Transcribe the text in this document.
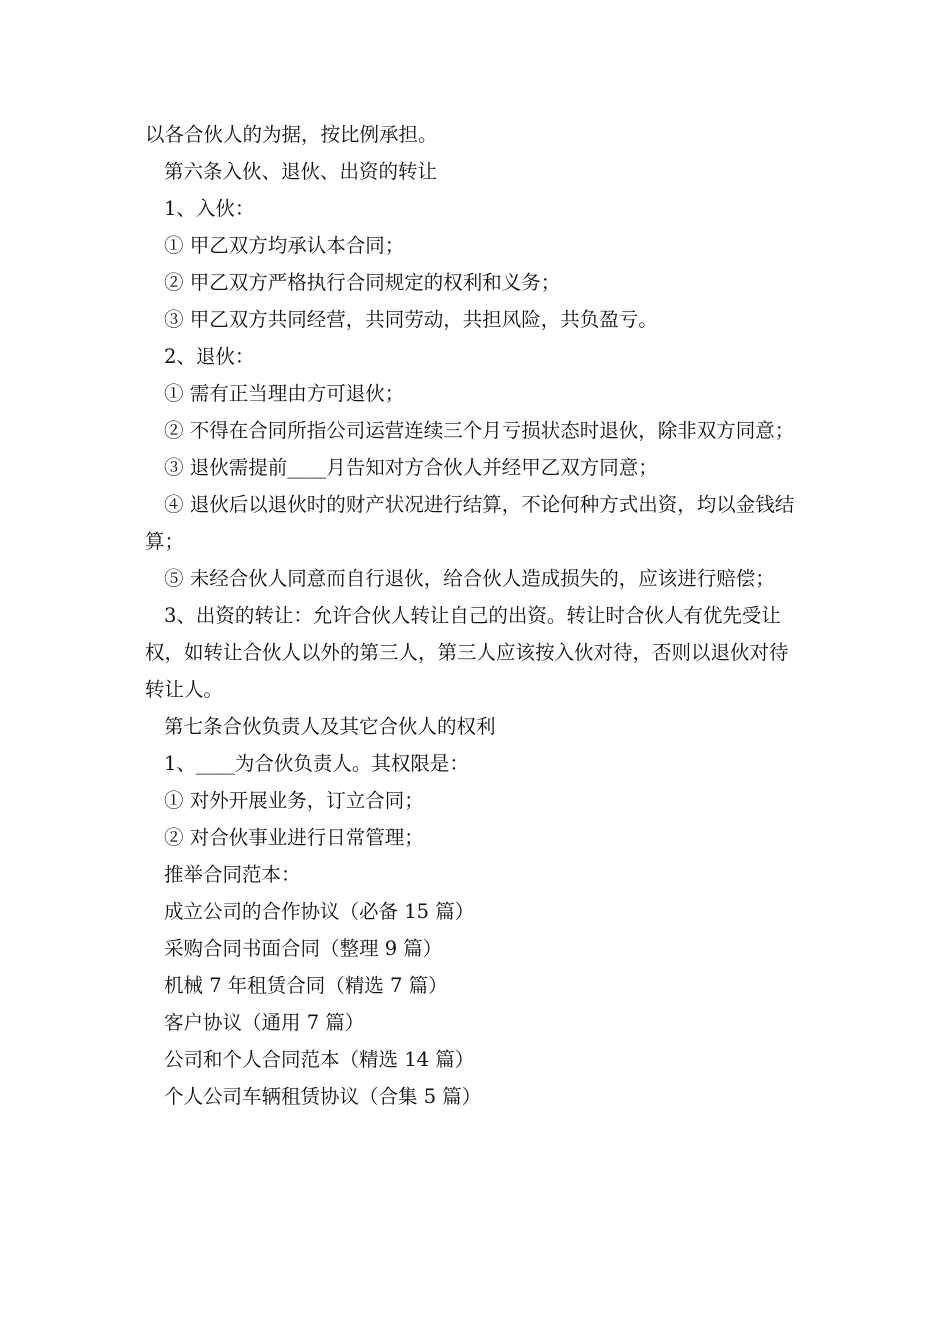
以各合伙人的为据，按比例承担。

第六条入伙、退伙、出资的转让

1、入伙：

① 甲乙双方均承认本合同；

② 甲乙双方严格执行合同规定的权利和义务；

③ 甲乙双方共同经营，共同劳动，共担风险，共负盈亏。

2、退伙：

① 需有正当理由方可退伙；

② 不得在合同所指公司运营连续三个月亏损状态时退伙，除非双方同意；

③ 退伙需提前____月告知对方合伙人并经甲乙双方同意；

④ 退伙后以退伙时的财产状况进行结算，不论何种方式出资，均以金钱结算；

⑤ 未经合伙人同意而自行退伙，给合伙人造成损失的，应该进行赔偿；

3、出资的转让：允许合伙人转让自己的出资。转让时合伙人有优先受让权，如转让合伙人以外的第三人，第三人应该按入伙对待，否则以退伙对待转让人。

第七条合伙负责人及其它合伙人的权利

1、____为合伙负责人。其权限是：

① 对外开展业务，订立合同；

② 对合伙事业进行日常管理；

推举合同范本：

成立公司的合作协议（必备 15 篇）

采购合同书面合同（整理 9 篇）

机械 7 年租赁合同（精选 7 篇）

客户协议（通用 7 篇）

公司和个人合同范本（精选 14 篇）

个人公司车辆租赁协议（合集 5 篇）
